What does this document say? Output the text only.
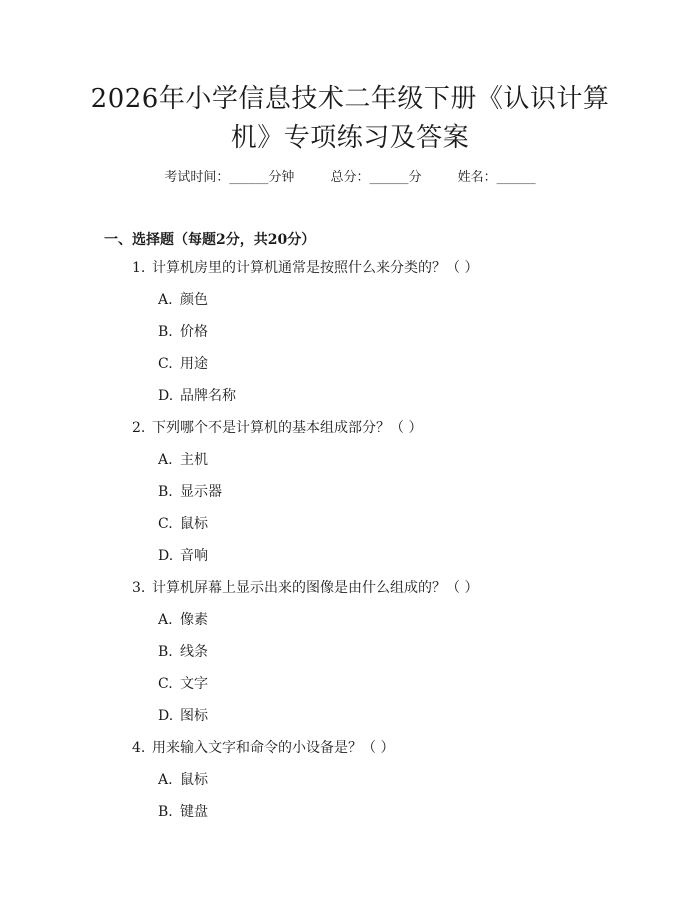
2026年小学信息技术二年级下册《认识计算
机》专项练习及答案
考试时间：______分钟	总分：______分	姓名：______
一、选择题（每题2分，共20分）
1. 计算机房里的计算机通常是按照什么来分类的？（ ）
A. 颜色
B. 价格
C. 用途
D. 品牌名称
2. 下列哪个不是计算机的基本组成部分？（ ）
A. 主机
B. 显示器
C. 鼠标
D. 音响
3. 计算机屏幕上显示出来的图像是由什么组成的？（ ）
A. 像素
B. 线条
C. 文字
D. 图标
4. 用来输入文字和命令的小设备是？（ ）
A. 鼠标
B. 键盘
